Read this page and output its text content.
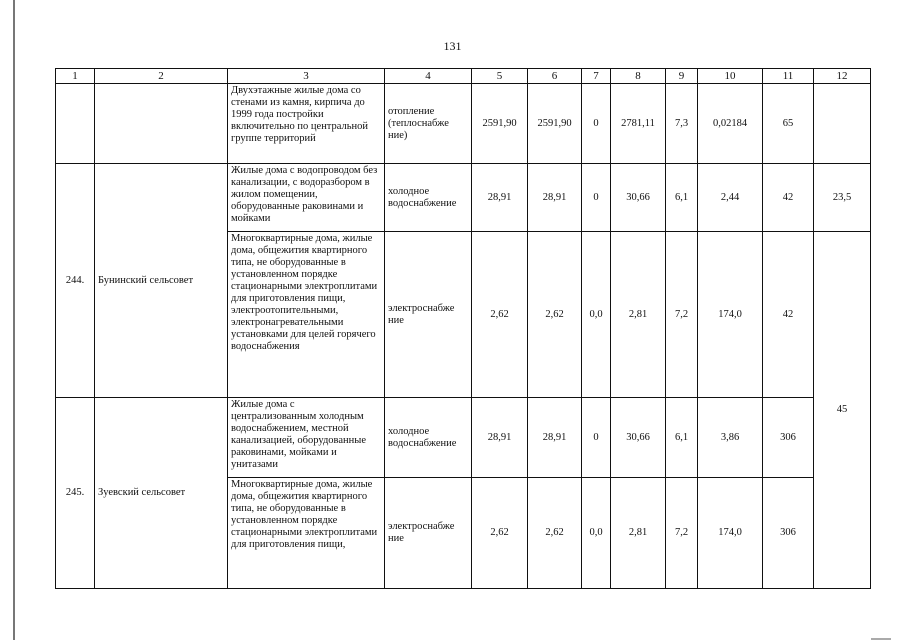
131
1	2	3	4	5	6	7	8	9	10	11	12
		Двухэтажные жилые дома со стенами из камня, кирпича до 1999 года постройки включительно по центральной группе территорий	отопление (теплоснабже ние)	2591,90	2591,90	0	2781,11	7,3	0,02184	65	
244.	Бунинский сельсовет	Жилые дома с водопроводом без канализации, с водоразбором в жилом помещении, оборудованные раковинами и мойками	холодное водоснабжение	28,91	28,91	0	30,66	6,1	2,44	42	23,5
		Многоквартирные дома, жилые дома, общежития квартирного типа, не оборудованные в установленном порядке стационарными электроплитами для приготовления пищи, электроотопительными, электронагревательными установками для целей горячего водоснабжения	электроснабже ние	2,62	2,62	0,0	2,81	7,2	174,0	42	45
245.	Зуевский сельсовет	Жилые дома с централизованным холодным водоснабжением, местной канализацией, оборудованные раковинами, мойками и унитазами	холодное водоснабжение	28,91	28,91	0	30,66	6,1	3,86	306	
		Многоквартирные дома, жилые дома, общежития квартирного типа, не оборудованные в установленном порядке стационарными электроплитами для приготовления пищи,	электроснабже ние	2,62	2,62	0,0	2,81	7,2	174,0	306	
